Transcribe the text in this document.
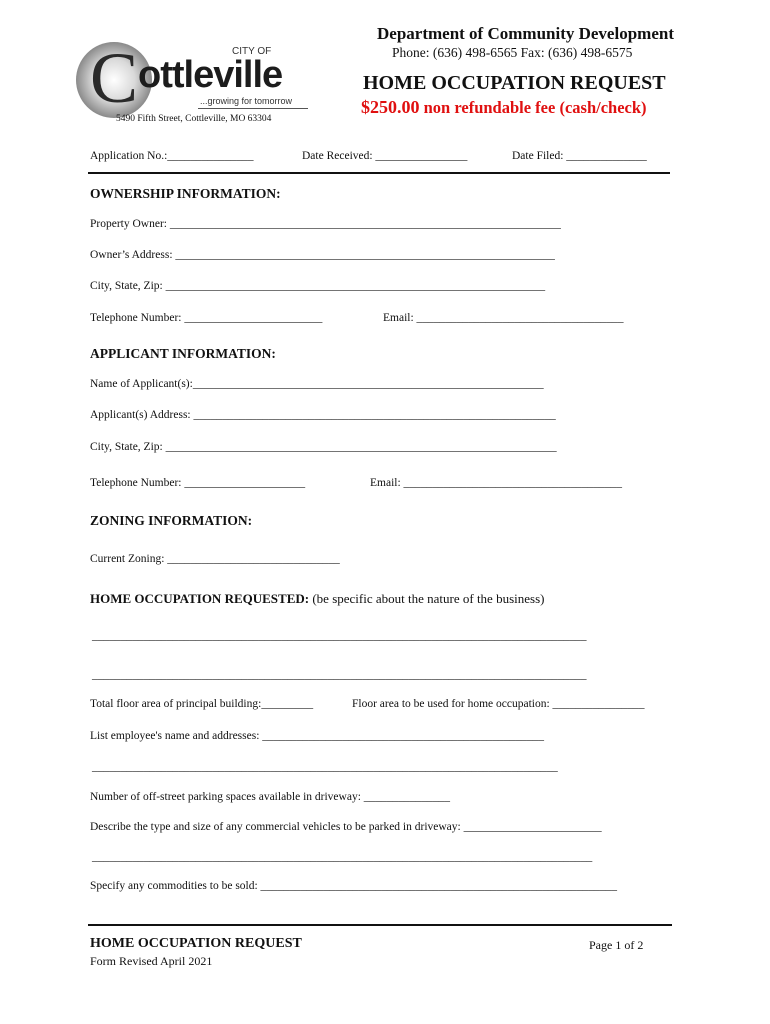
C	CITY OF
ottleville
...growing for tomorrow
5490 Fifth Street, Cottleville, MO 63304
Department of Community Development
Phone: (636) 498-6565 Fax: (636) 498-6575
HOME OCCUPATION REQUEST
$250.00 non refundable fee (cash/check)
Application No.:_______________	Date Received: ________________	Date Filed: ______________
OWNERSHIP INFORMATION:
Property Owner: ____________________________________________________________________
Owner’s Address: __________________________________________________________________
City, State, Zip: __________________________________________________________________
Telephone Number: ________________________	Email: ____________________________________
APPLICANT INFORMATION:
Name of Applicant(s):_____________________________________________________________
Applicant(s) Address: _______________________________________________________________
City, State, Zip: ____________________________________________________________________
Telephone Number: _____________________	Email: ______________________________________
ZONING INFORMATION:
Current Zoning: ______________________________
HOME OCCUPATION REQUESTED: (be specific about the nature of the business)
______________________________________________________________________________________
______________________________________________________________________________________
Total floor area of principal building:_________	Floor area to be used for home occupation: ________________
List employee's name and addresses: _________________________________________________
_________________________________________________________________________________
Number of off-street parking spaces available in driveway: _______________
Describe the type and size of any commercial vehicles to be parked in driveway: ________________________
_______________________________________________________________________________________
Specify any commodities to be sold: ______________________________________________________________
HOME OCCUPATION REQUEST
Form Revised April 2021
Page 1 of 2
